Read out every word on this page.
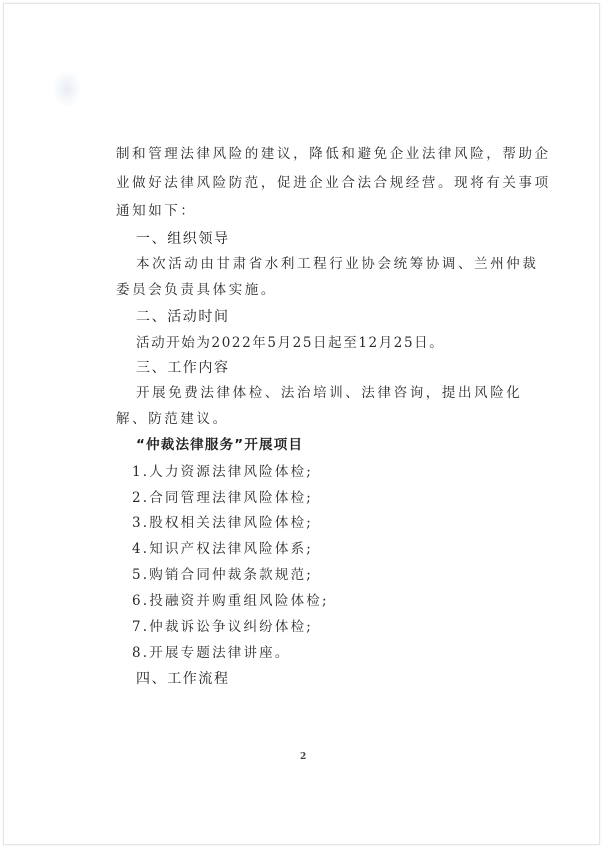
制和管理法律风险的建议，降低和避免企业法律风险，帮助企
业做好法律风险防范，促进企业合法合规经营。现将有关事项
通知如下：
一、组织领导
本次活动由甘肃省水利工程行业协会统筹协调、兰州仲裁
委员会负责具体实施。
二、活动时间
活动开始为2022年5月25日起至12月25日。
三、工作内容
开展免费法律体检、法治培训、法律咨询，提出风险化
解、防范建议。
“仲裁法律服务”开展项目
1.人力资源法律风险体检;
2.合同管理法律风险体检;
3.股权相关法律风险体检;
4.知识产权法律风险体系;
5.购销合同仲裁条款规范;
6.投融资并购重组风险体检;
7.仲裁诉讼争议纠纷体检;
8.开展专题法律讲座。
四、工作流程
2
